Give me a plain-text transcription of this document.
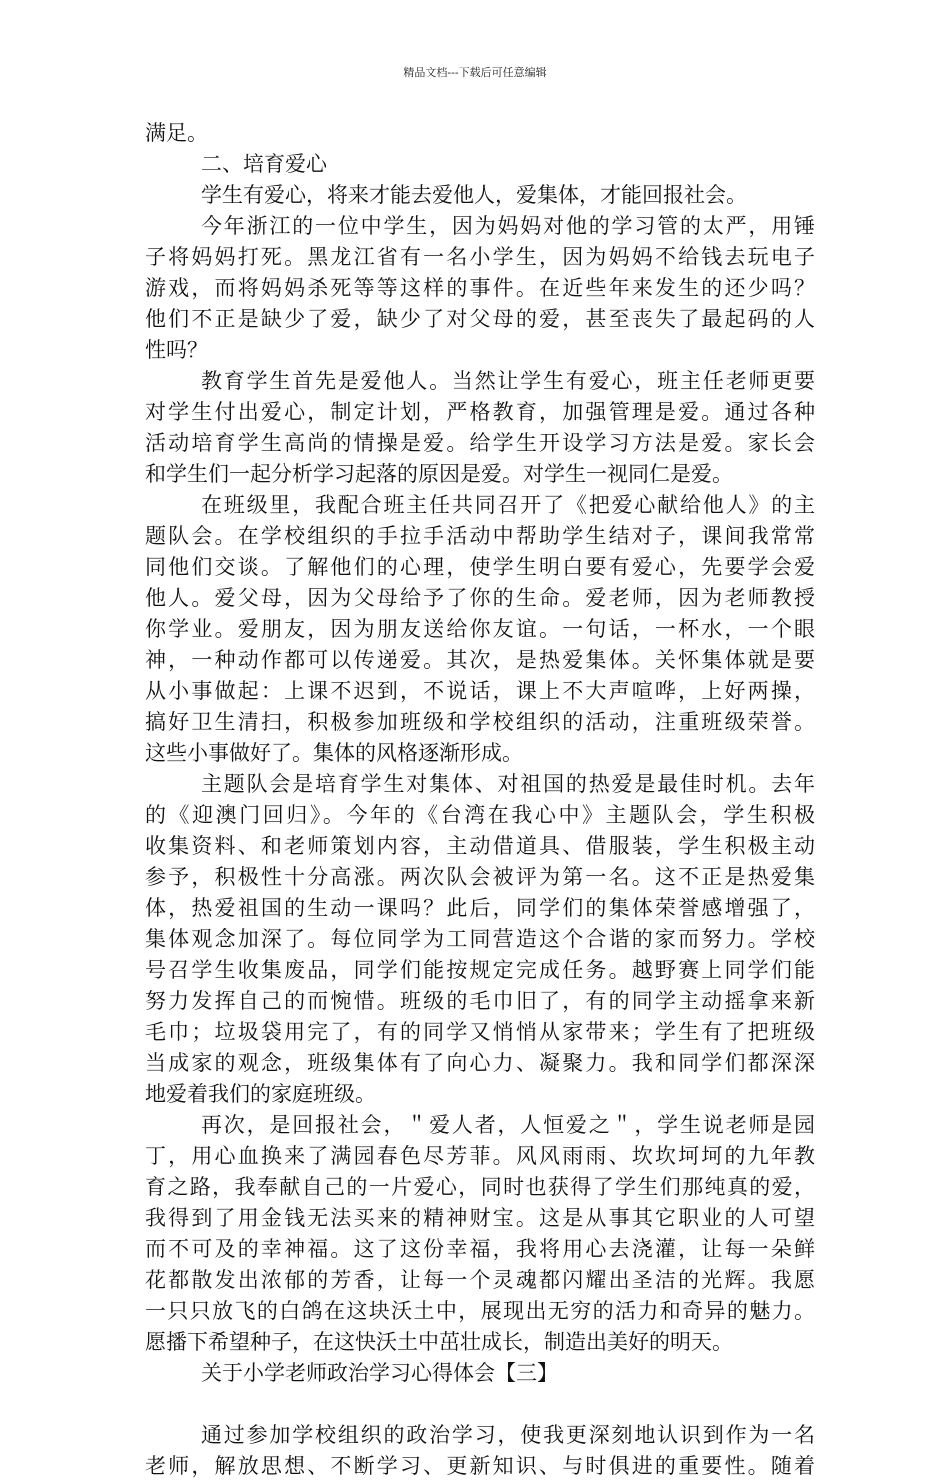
精品文档---下载后可任意编辑
满足。
二、培育爱心
学生有爱心，将来才能去爱他人，爱集体，才能回报社会。
今年浙江的一位中学生，因为妈妈对他的学习管的太严，用锤
子将妈妈打死。黑龙江省有一名小学生，因为妈妈不给钱去玩电子
游戏，而将妈妈杀死等等这样的事件。在近些年来发生的还少吗？
他们不正是缺少了爱，缺少了对父母的爱，甚至丧失了最起码的人
性吗？
教育学生首先是爱他人。当然让学生有爱心，班主任老师更要
对学生付出爱心，制定计划，严格教育，加强管理是爱。通过各种
活动培育学生高尚的情操是爱。给学生开设学习方法是爱。家长会
和学生们一起分析学习起落的原因是爱。对学生一视同仁是爱。
在班级里，我配合班主任共同召开了《把爱心献给他人》的主
题队会。在学校组织的手拉手活动中帮助学生结对子，课间我常常
同他们交谈。了解他们的心理，使学生明白要有爱心，先要学会爱
他人。爱父母，因为父母给予了你的生命。爱老师，因为老师教授
你学业。爱朋友，因为朋友送给你友谊。一句话，一杯水，一个眼
神，一种动作都可以传递爱。其次，是热爱集体。关怀集体就是要
从小事做起：上课不迟到，不说话，课上不大声喧哗，上好两操，
搞好卫生清扫，积极参加班级和学校组织的活动，注重班级荣誉。
这些小事做好了。集体的风格逐渐形成。
主题队会是培育学生对集体、对祖国的热爱是最佳时机。去年
的《迎澳门回归》。今年的《台湾在我心中》主题队会，学生积极
收集资料、和老师策划内容，主动借道具、借服装，学生积极主动
参予，积极性十分高涨。两次队会被评为第一名。这不正是热爱集
体，热爱祖国的生动一课吗？此后，同学们的集体荣誉感增强了，
集体观念加深了。每位同学为工同营造这个合谐的家而努力。学校
号召学生收集废品，同学们能按规定完成任务。越野赛上同学们能
努力发挥自己的而惋惜。班级的毛巾旧了，有的同学主动摇拿来新
毛巾；垃圾袋用完了，有的同学又悄悄从家带来；学生有了把班级
当成家的观念，班级集体有了向心力、凝聚力。我和同学们都深深
地爱着我们的家庭班级。
再次，是回报社会，＂爱人者，人恒爱之＂，学生说老师是园
丁，用心血换来了满园春色尽芳菲。风风雨雨、坎坎坷坷的九年教
育之路，我奉献自己的一片爱心，同时也获得了学生们那纯真的爱，
我得到了用金钱无法买来的精神财宝。这是从事其它职业的人可望
而不可及的幸神福。这了这份幸福，我将用心去浇灌，让每一朵鲜
花都散发出浓郁的芳香，让每一个灵魂都闪耀出圣洁的光辉。我愿
一只只放飞的白鸽在这块沃土中，展现出无穷的活力和奇异的魅力。
愿播下希望种子，在这快沃土中茁壮成长，制造出美好的明天。
关于小学老师政治学习心得体会【三】
通过参加学校组织的政治学习，使我更深刻地认识到作为一名
老师，解放思想、不断学习、更新知识、与时俱进的重要性。随着
